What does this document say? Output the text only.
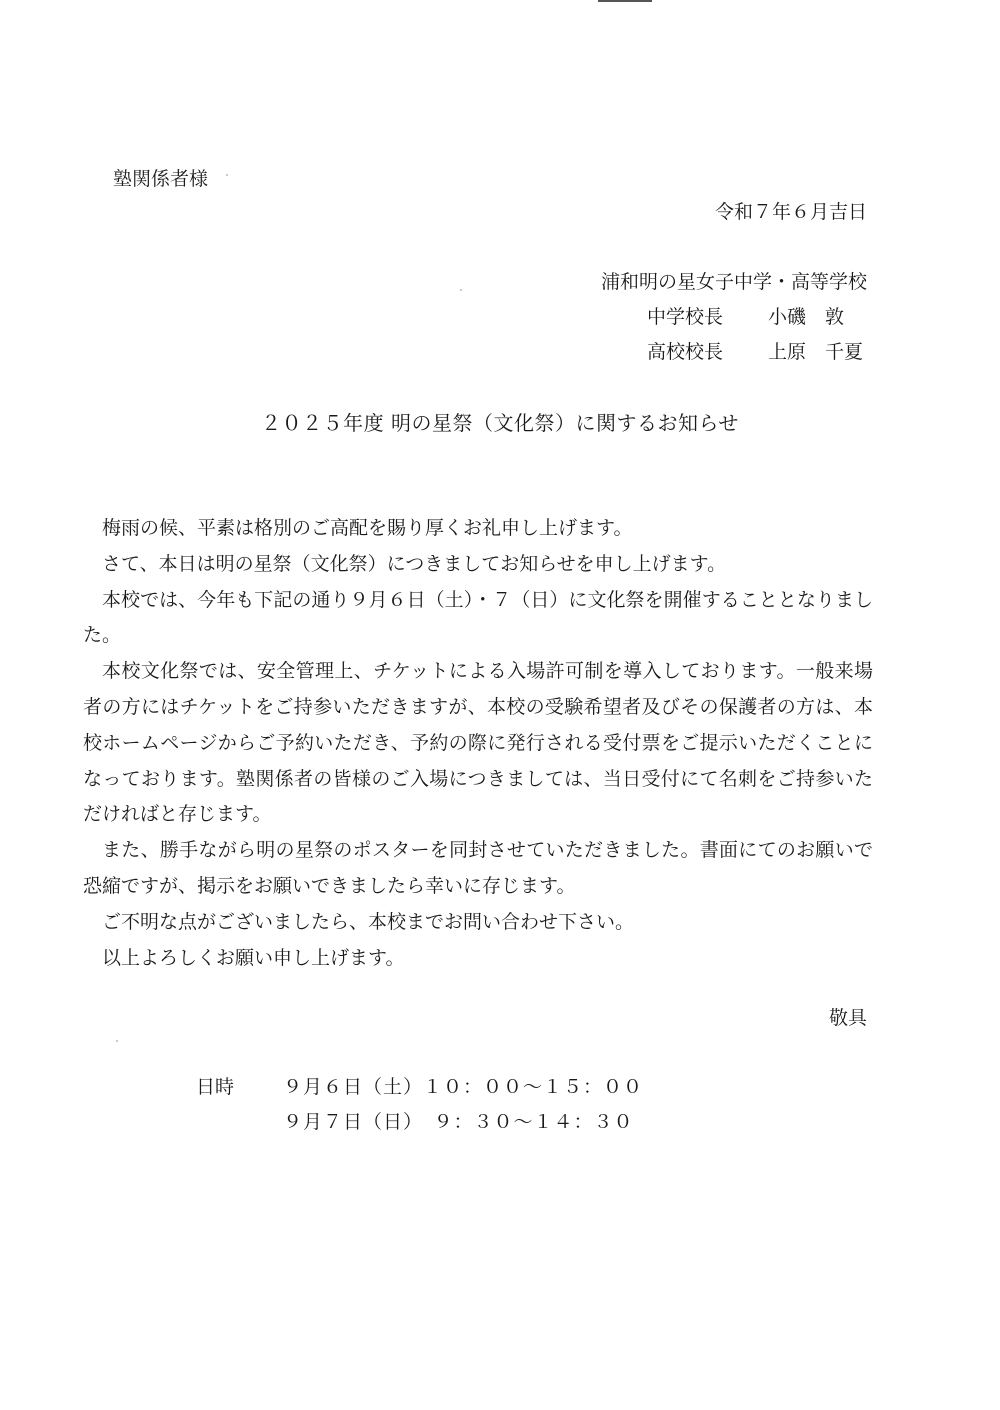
塾関係者様
令和７年６月吉日
浦和明の星女子中学・高等学校
中学校長 小磯　敦
高校校長 上原　千夏
２０２５年度 明の星祭（文化祭）に関するお知らせ

梅雨の候、平素は格別のご高配を賜り厚くお礼申し上げます。

さて、本日は明の星祭（文化祭）につきましてお知らせを申し上げます。

本校では、今年も下記の通り９月６日（土）・７（日）に文化祭を開催することとなりました。

本校文化祭では、安全管理上、チケットによる入場許可制を導入しております。一般来場者の方にはチケットをご持参いただきますが、本校の受験希望者及びその保護者の方は、本校ホームページからご予約いただき、予約の際に発行される受付票をご提示いただくことになっております。塾関係者の皆様のご入場につきましては、当日受付にて名刺をご持参いただければと存じます。

また、勝手ながら明の星祭のポスターを同封させていただきました。書面にてのお願いで恐縮ですが、掲示をお願いできましたら幸いに存じます。

ご不明な点がございましたら、本校までお問い合わせ下さい。

以上よろしくお願い申し上げます。

敬具
日時	９月６日（土）１０：００～１５：００
９月７日（日）　９：３０～１４：３０
